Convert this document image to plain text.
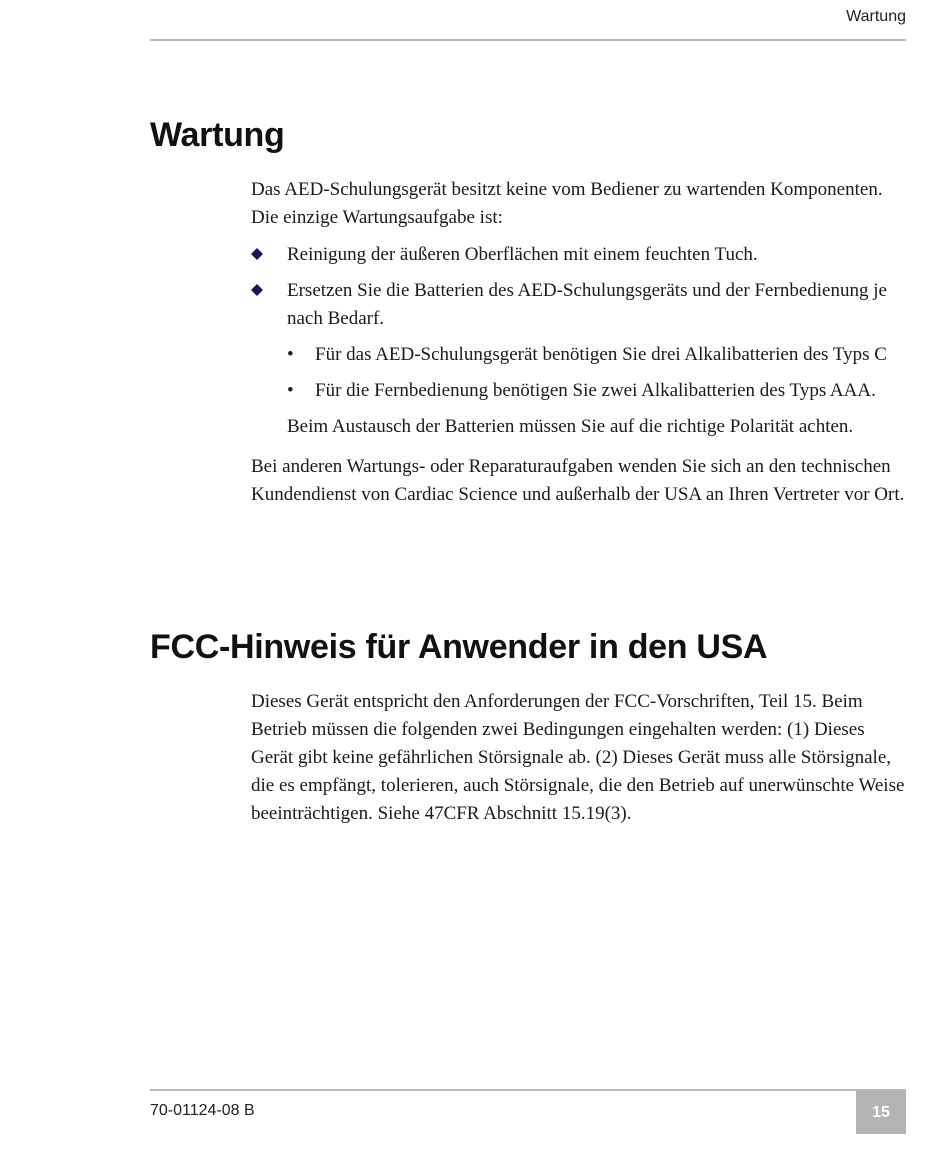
Wartung
Wartung

Das AED-Schulungsgerät besitzt keine vom Bediener zu wartenden Komponenten. Die einzige Wartungsaufgabe ist:

Reinigung der äußeren Oberflächen mit einem feuchten Tuch.
Ersetzen Sie die Batterien des AED-Schulungsgeräts und der Fernbedienung je nach Bedarf.
• Für das AED-Schulungsgerät benötigen Sie drei Alkalibatterien des Typs C
• Für die Fernbedienung benötigen Sie zwei Alkalibatterien des Typs AAA.

Beim Austausch der Batterien müssen Sie auf die richtige Polarität achten.

Bei anderen Wartungs- oder Reparaturaufgaben wenden Sie sich an den technischen Kundendienst von Cardiac Science und außerhalb der USA an Ihren Vertreter vor Ort.

FCC-Hinweis für Anwender in den USA

Dieses Gerät entspricht den Anforderungen der FCC-Vorschriften, Teil 15. Beim Betrieb müssen die folgenden zwei Bedingungen eingehalten werden: (1) Dieses Gerät gibt keine gefährlichen Störsignale ab. (2) Dieses Gerät muss alle Störsignale, die es empfängt, tolerieren, auch Störsignale, die den Betrieb auf unerwünschte Weise beeinträchtigen. Siehe 47CFR Abschnitt 15.19(3).

70-01124-08 B	15
